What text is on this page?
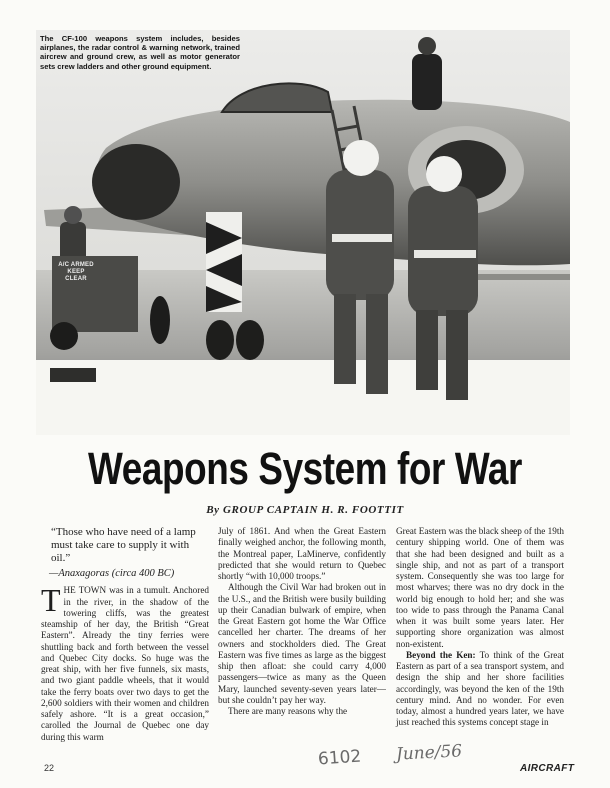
The CF-100 weapons system includes, besides airplanes, the radar control & warning network, trained aircrew and ground crew, as well as motor generator sets crew ladders and other ground equipment.
A/C ARMED KEEP CLEAR
Weapons System for War
By GROUP CAPTAIN H. R. FOOTTIT
“Those who have need of a lamp must take care to supply it with oil.”
—Anaxagoras (circa 400 BC)

THE TOWN was in a tumult. Anchored in the river, in the shadow of the towering cliffs, was the greatest steamship of her day, the British “Great Eastern”. Already the tiny ferries were shuttling back and forth between the vessel and Quebec City docks. So huge was the great ship, with her five funnels, six masts, and two giant paddle wheels, that it would take the ferry boats over two days to get the 2,600 soldiers with their women and children safely ashore. “It is a great occasion,” carolled the Journal de Quebec one day during this warm

July of 1861. And when the Great Eastern finally weighed anchor, the following month, the Montreal paper, LaMinerve, confidently predicted that she would return to Quebec shortly “with 10,000 troops.”

Although the Civil War had broken out in the U.S., and the British were busily building up their Canadian bulwark of empire, when the Great Eastern got home the War Office cancelled her charter. The dreams of her owners and stockholders died. The Great Eastern was five times as large as the biggest ship then afloat: she could carry 4,000 passengers—twice as many as the Queen Mary, launched seventy-seven years later—but she couldn’t pay her way.

There are many reasons why the

Great Eastern was the black sheep of the 19th century shipping world. One of them was that she had been designed and built as a single ship, and not as part of a transport system. Consequently she was too large for most wharves; there was no dry dock in the world big enough to hold her; and she was too wide to pass through the Panama Canal when it was built some years later. Her supporting shore organization was almost non-existent.

Beyond the Ken: To think of the Great Eastern as part of a sea transport system, and design the ship and her shore facilities accordingly, was beyond the ken of the 19th century mind. And no wonder. For even today, almost a hundred years later, we have just reached this systems concept stage in

22	6102 June/56
AIRCRAFT
